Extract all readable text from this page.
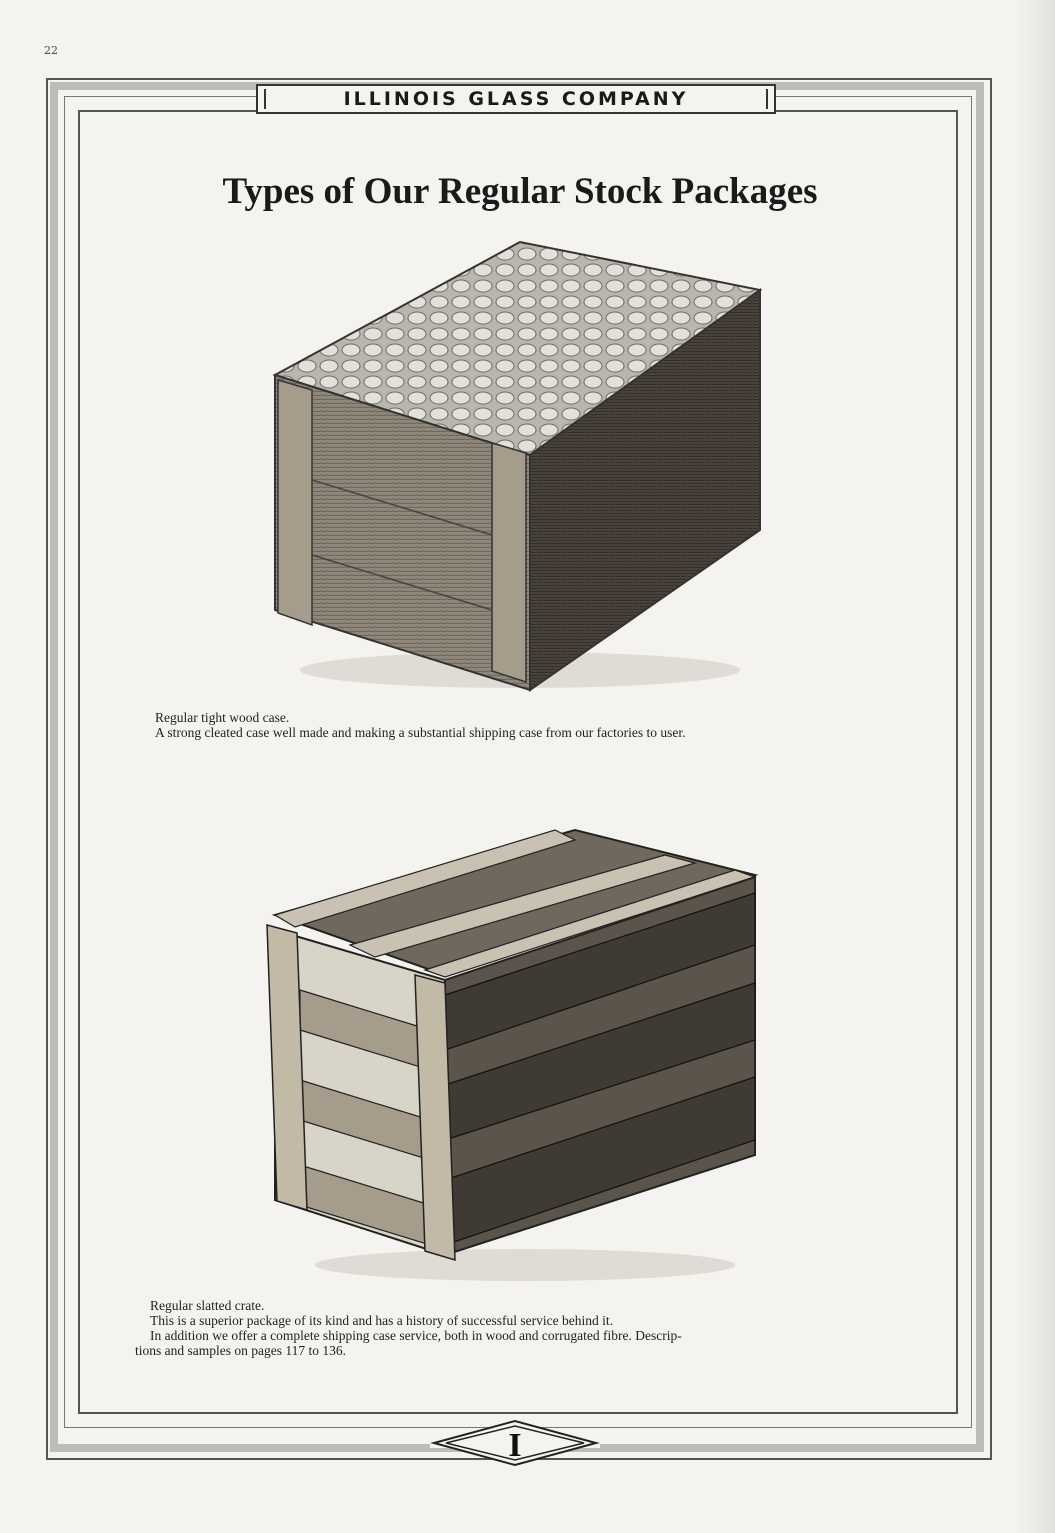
22
ILLINOIS GLASS COMPANY
Types of Our Regular Stock Packages

Regular tight wood case.

A strong cleated case well made and making a substantial shipping case from our factories to user.

Regular slatted crate.

This is a superior package of its kind and has a history of successful service behind it.

In addition we offer a complete shipping case service, both in wood and corrugated fibre. Descrip-

tions and samples on pages 117 to 136.

I
